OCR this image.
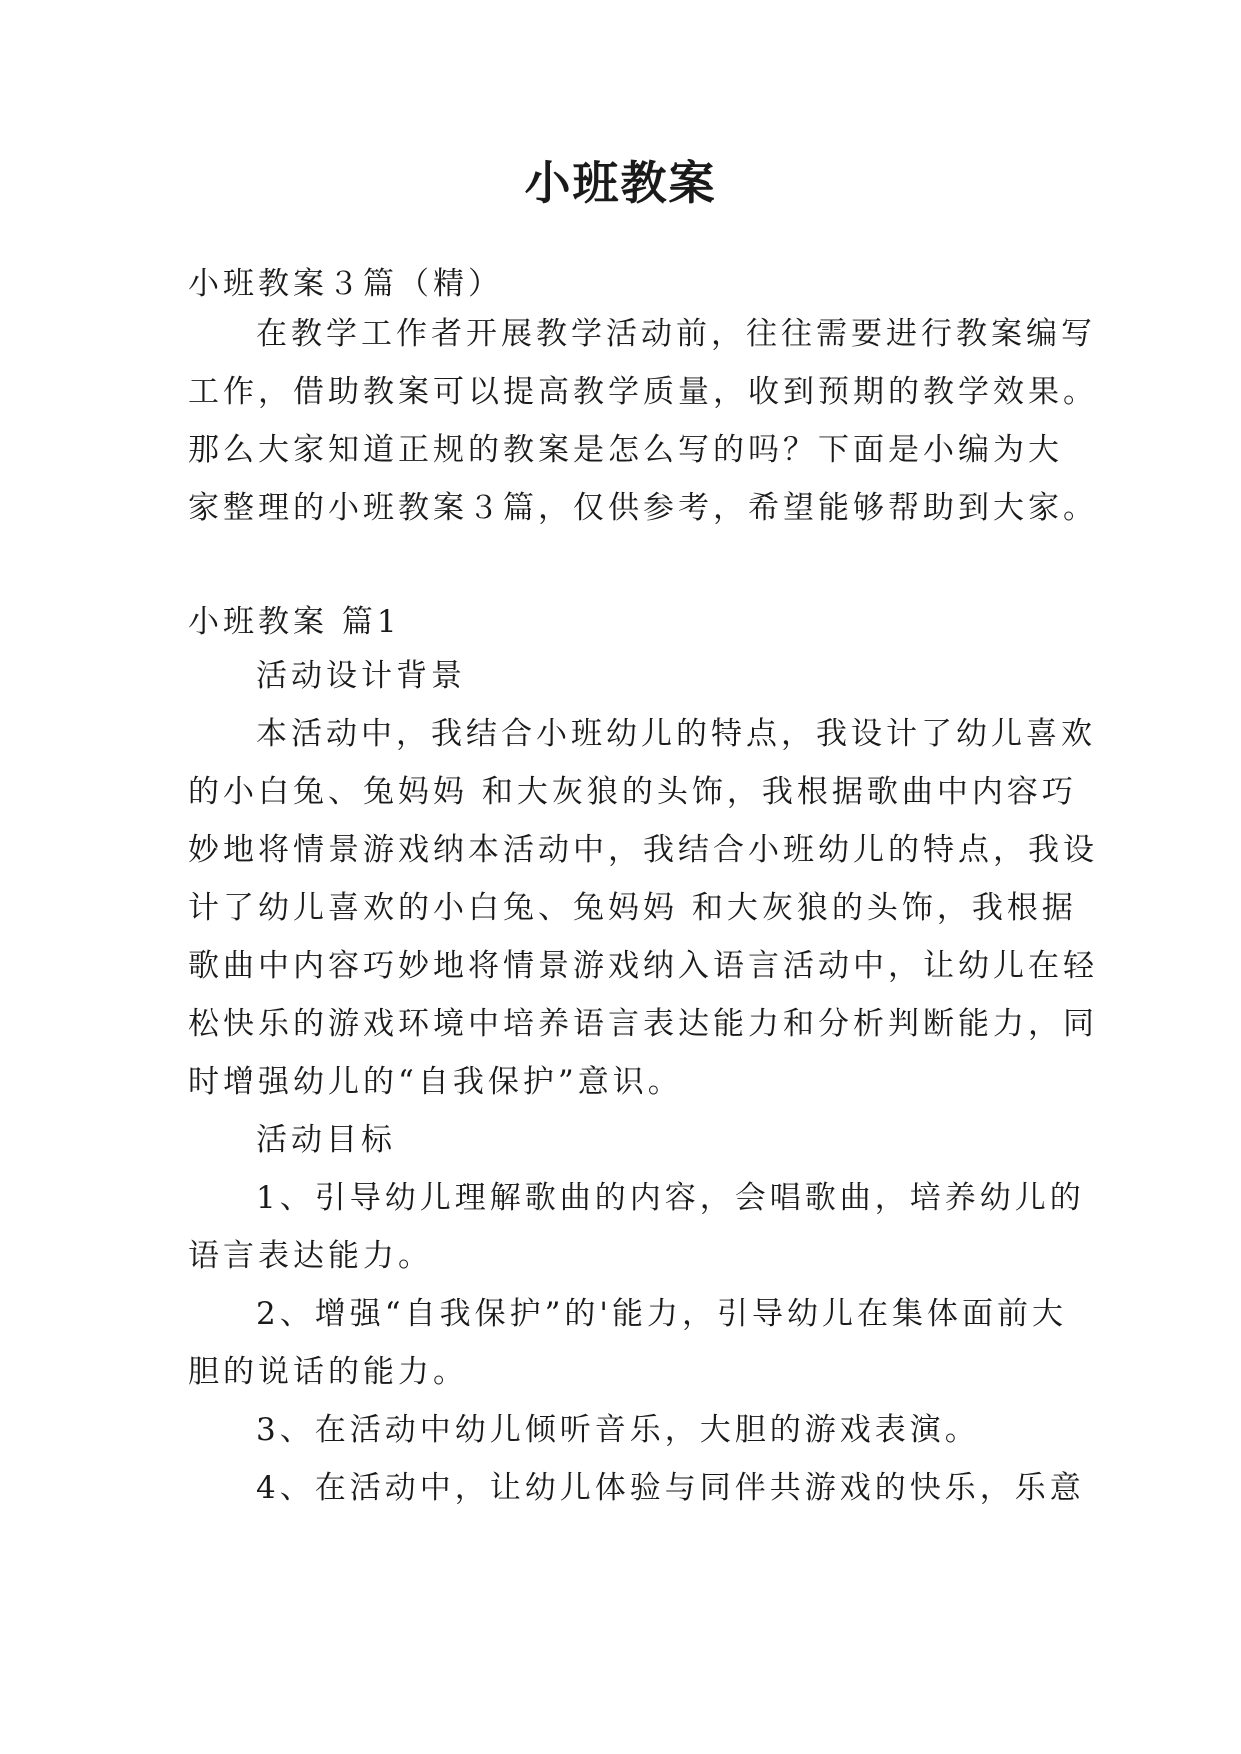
小班教案
小班教案３篇（精）
在教学工作者开展教学活动前，往往需要进行教案编写
工作，借助教案可以提高教学质量，收到预期的教学效果。
那么大家知道正规的教案是怎么写的吗？下面是小编为大
家整理的小班教案３篇，仅供参考，希望能够帮助到大家。
小班教案 篇1
活动设计背景
本活动中，我结合小班幼儿的特点，我设计了幼儿喜欢
的小白兔、兔妈妈 和大灰狼的头饰，我根据歌曲中内容巧
妙地将情景游戏纳本活动中，我结合小班幼儿的特点，我设
计了幼儿喜欢的小白兔、兔妈妈 和大灰狼的头饰，我根据
歌曲中内容巧妙地将情景游戏纳入语言活动中，让幼儿在轻
松快乐的游戏环境中培养语言表达能力和分析判断能力，同
时增强幼儿的“自我保护”意识。
活动目标
1、引导幼儿理解歌曲的内容，会唱歌曲，培养幼儿的
语言表达能力。
2、增强“自我保护”的'能力，引导幼儿在集体面前大
胆的说话的能力。
3、在活动中幼儿倾听音乐，大胆的游戏表演。
4、在活动中，让幼儿体验与同伴共游戏的快乐，乐意
